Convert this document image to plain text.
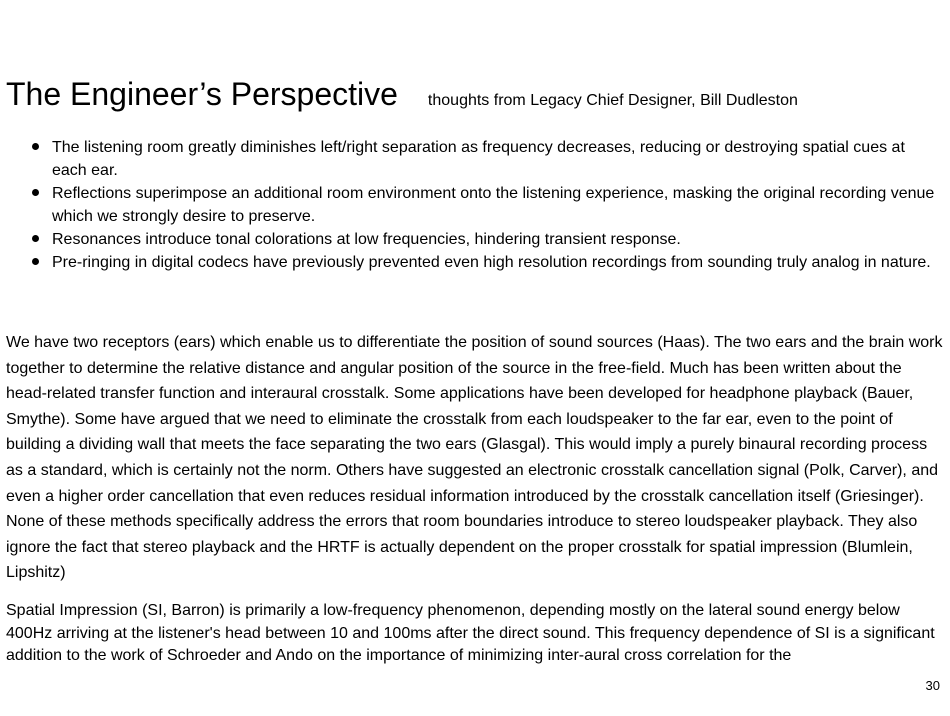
The Engineer’s Perspective thoughts from Legacy Chief Designer, Bill Dudleston
The listening room greatly diminishes left/right separation as frequency decreases, reducing or destroying spatial cues at each ear.
Reflections superimpose an additional room environment onto the listening experience, masking the original recording venue which we strongly desire to preserve.
Resonances introduce tonal colorations at low frequencies, hindering transient response.
Pre-ringing in digital codecs have previously prevented even high resolution recordings from sounding truly analog in nature.

We have two receptors (ears) which enable us to differentiate the position of sound sources (Haas). The two ears and the brain work together to determine the relative distance and angular position of the source in the free-field. Much has been written about the head-related transfer function and interaural crosstalk. Some applications have been developed for headphone playback (Bauer, Smythe). Some have argued that we need to eliminate the crosstalk from each loudspeaker to the far ear, even to the point of building a dividing wall that meets the face separating the two ears (Glasgal). This would imply a purely binaural recording process as a standard, which is certainly not the norm. Others have suggested an electronic crosstalk cancellation signal (Polk, Carver), and even a higher order cancellation that even reduces residual information introduced by the crosstalk cancellation itself (Griesinger). None of these methods specifically address the errors that room boundaries introduce to stereo loudspeaker playback. They also ignore the fact that stereo playback and the HRTF is actually dependent on the proper crosstalk for spatial impression (Blumlein, Lipshitz)

Spatial Impression (SI, Barron) is primarily a low-frequency phenomenon, depending mostly on the lateral sound energy below 400Hz arriving at the listener's head between 10 and 100ms after the direct sound. This frequency dependence of SI is a significant addition to the work of Schroeder and Ando on the importance of minimizing inter-aural cross correlation for the

30
